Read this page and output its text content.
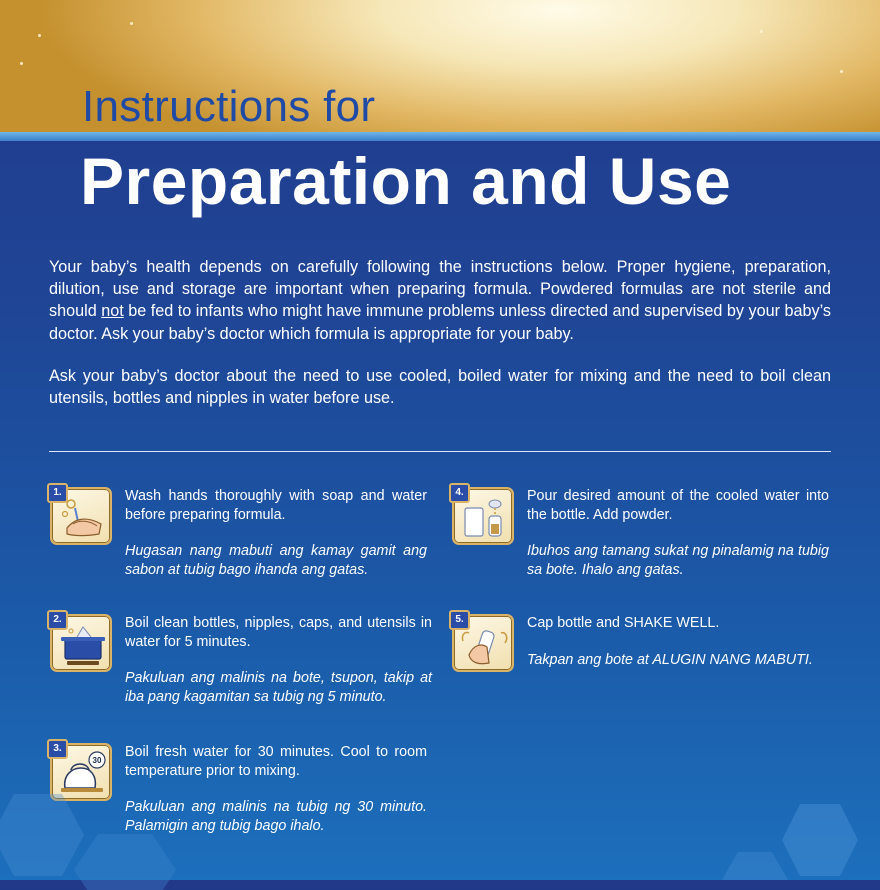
Instructions for
Preparation and Use

Your baby’s health depends on carefully following the instructions below. Proper hygiene, preparation, dilution, use and storage are important when preparing formula. Powdered formulas are not sterile and should not be fed to infants who might have immune problems unless directed and supervised by your baby’s doctor. Ask your baby’s doctor which formula is appropriate for your baby.

Ask your baby’s doctor about the need to use cooled, boiled water for mixing and the need to boil clean utensils, bottles and nipples in water before use.

1.	Wash hands thoroughly with soap and water before preparing formula.

Hugasan nang mabuti ang kamay gamit ang sabon at tubig bago ihanda ang gatas.

2.	Boil clean bottles, nipples, caps, and utensils in water for 5 minutes.

Pakuluan ang malinis na bote, tsupon, takip at iba pang kagamitan sa tubig ng 5 minuto.

30
3.	Boil fresh water for 30 minutes. Cool to room temperature prior to mixing.

Pakuluan ang malinis na tubig ng 30 minuto. Palamigin ang tubig bago ihalo.

4.	Pour desired amount of the cooled water into the bottle. Add powder.

Ibuhos ang tamang sukat ng pinalamig na tubig sa bote. Ihalo ang gatas.

5.	Cap bottle and SHAKE WELL.

Takpan ang bote at ALUGIN NANG MABUTI.
